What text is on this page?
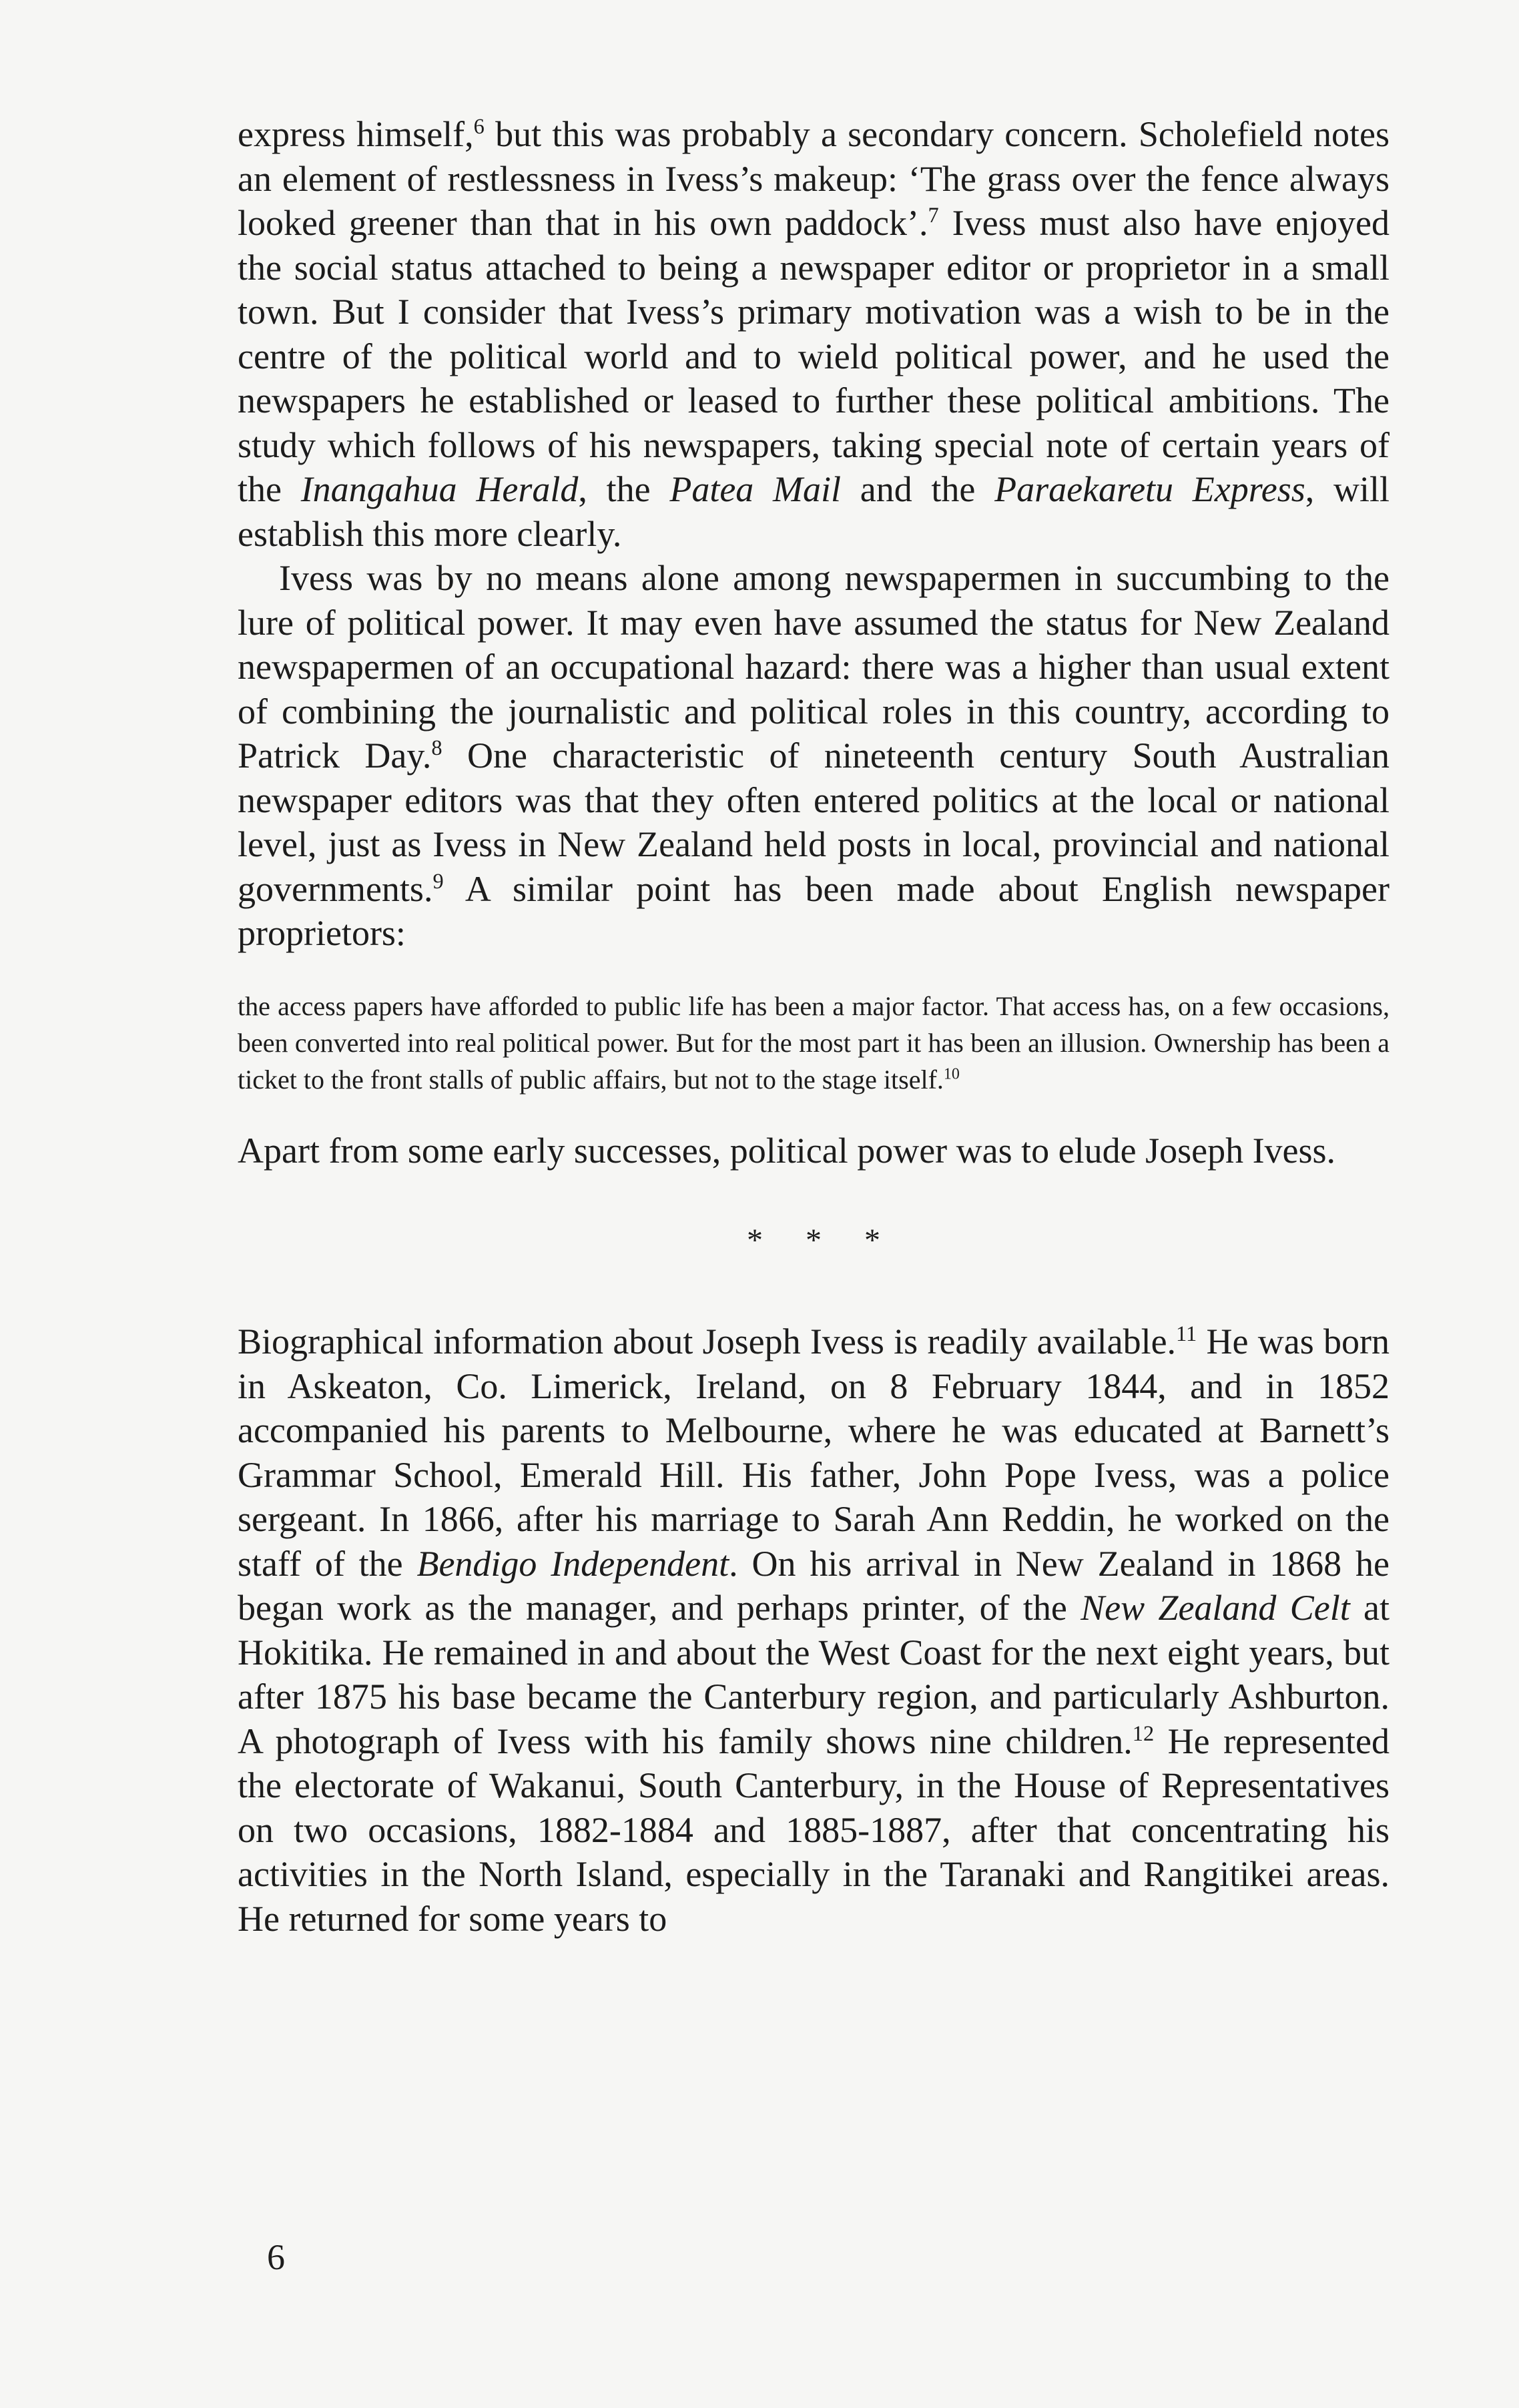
express himself,$^6$ but this was probably a secondary concern. Scholefield notes an element of restlessness in Ivess’s makeup: ‘The grass over the fence always looked greener than that in his own paddock’.$^7$ Ivess must also have enjoyed the social status attached to being a newspaper editor or proprietor in a small town. But I consider that Ivess’s primary motivation was a wish to be in the centre of the political world and to wield political power, and he used the newspapers he established or leased to further these political ambitions. The study which follows of his newspapers, taking special note of certain years of the Inangahua Herald, the Patea Mail and the Paraekaretu Express, will establish this more clearly.

Ivess was by no means alone among newspapermen in succumbing to the lure of political power. It may even have assumed the status for New Zealand newspapermen of an occupational hazard: there was a higher than usual extent of combining the journalistic and political roles in this country, according to Patrick Day.$^8$ One characteristic of nineteenth century South Australian newspaper editors was that they often entered politics at the local or national level, just as Ivess in New Zealand held posts in local, provincial and national governments.$^9$ A similar point has been made about English newspaper proprietors:

the access papers have afforded to public life has been a major factor. That access has, on a few occasions, been converted into real political power. But for the most part it has been an illusion. Ownership has been a ticket to the front stalls of public affairs, but not to the stage itself.$^{10}$

Apart from some early successes, political power was to elude Joseph Ivess.

* * *

Biographical information about Joseph Ivess is readily available.$^{11}$ He was born in Askeaton, Co. Limerick, Ireland, on 8 February 1844, and in 1852 accompanied his parents to Melbourne, where he was educated at Barnett’s Grammar School, Emerald Hill. His father, John Pope Ivess, was a police sergeant. In 1866, after his marriage to Sarah Ann Reddin, he worked on the staff of the Bendigo Independent. On his arrival in New Zealand in 1868 he began work as the manager, and perhaps printer, of the New Zealand Celt at Hokitika. He remained in and about the West Coast for the next eight years, but after 1875 his base became the Canterbury region, and particularly Ashburton. A photograph of Ivess with his family shows nine children.$^{12}$ He represented the electorate of Wakanui, South Canterbury, in the House of Representatives on two occasions, 1882-1884 and 1885-1887, after that concentrating his activities in the North Island, especially in the Taranaki and Rangitikei areas. He returned for some years to

6
